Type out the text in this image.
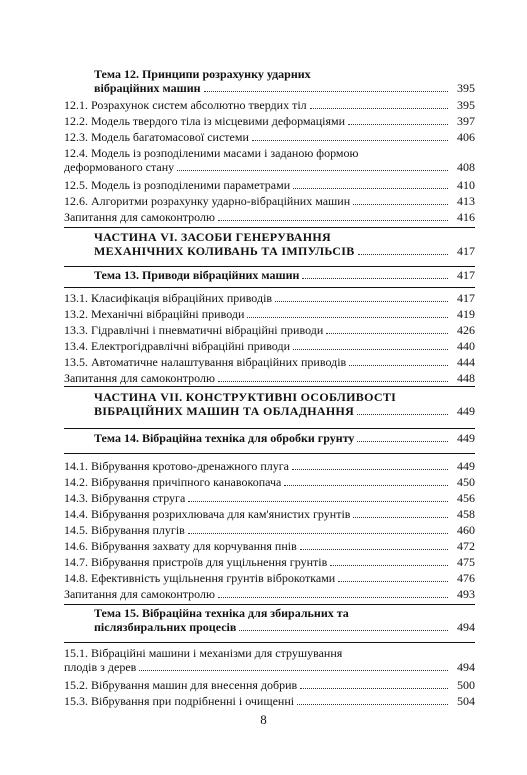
Тема 12. Принципи розрахунку ударних
вібраційних машин	395
12.1. Розрахунок систем абсолютно твердих тіл	395
12.2. Модель твердого тіла із місцевими деформаціями	397
12.3. Модель багатомасової системи	406
12.4. Модель із розподіленими масами і заданою формою
деформованого стану	408
12.5. Модель із розподіленими параметрами	410
12.6. Алгоритми розрахунку ударно-вібраційних машин	413
Запитання для самоконтролю	416
ЧАСТИНА VI. ЗАСОБИ ГЕНЕРУВАННЯ
МЕХАНІЧНИХ КОЛИВАНЬ ТА ІМПУЛЬСІВ	417
Тема 13. Приводи вібраційних машин	417
13.1. Класифікація вібраційних приводів	417
13.2. Механічні вібраційні приводи	419
13.3. Гідравлічні і пневматичні вібраційні приводи	426
13.4. Електрогідравлічні вібраційні приводи	440
13.5. Автоматичне налаштування вібраційних приводів	444
Запитання для самоконтролю	448
ЧАСТИНА VII. КОНСТРУКТИВНІ ОСОБЛИВОСТІ
ВІБРАЦІЙНИХ МАШИН ТА ОБЛАДНАННЯ	449
Тема 14. Вібраційна техніка для обробки грунту	449
14.1. Вібрування кротово-дренажного плуга	449
14.2. Вібрування причіпного канавокопача	450
14.3. Вібрування струга	456
14.4. Вібрування розрихлювача для кам'янистих грунтів	458
14.5. Вібрування плугів	460
14.6. Вібрування захвату для корчування пнів	472
14.7. Вібрування пристроїв для ущільнення грунтів	475
14.8. Ефективність ущільнення грунтів віброкотками	476
Запитання для самоконтролю	493
Тема 15. Вібраційна техніка для збиральних та
післязбиральних процесів	494
15.1. Вібраційні машини і механізми для струшування
плодів з дерев	494
15.2. Вібрування машин для внесення добрив	500
15.3. Вібрування при подрібненні і очищенні	504
8
